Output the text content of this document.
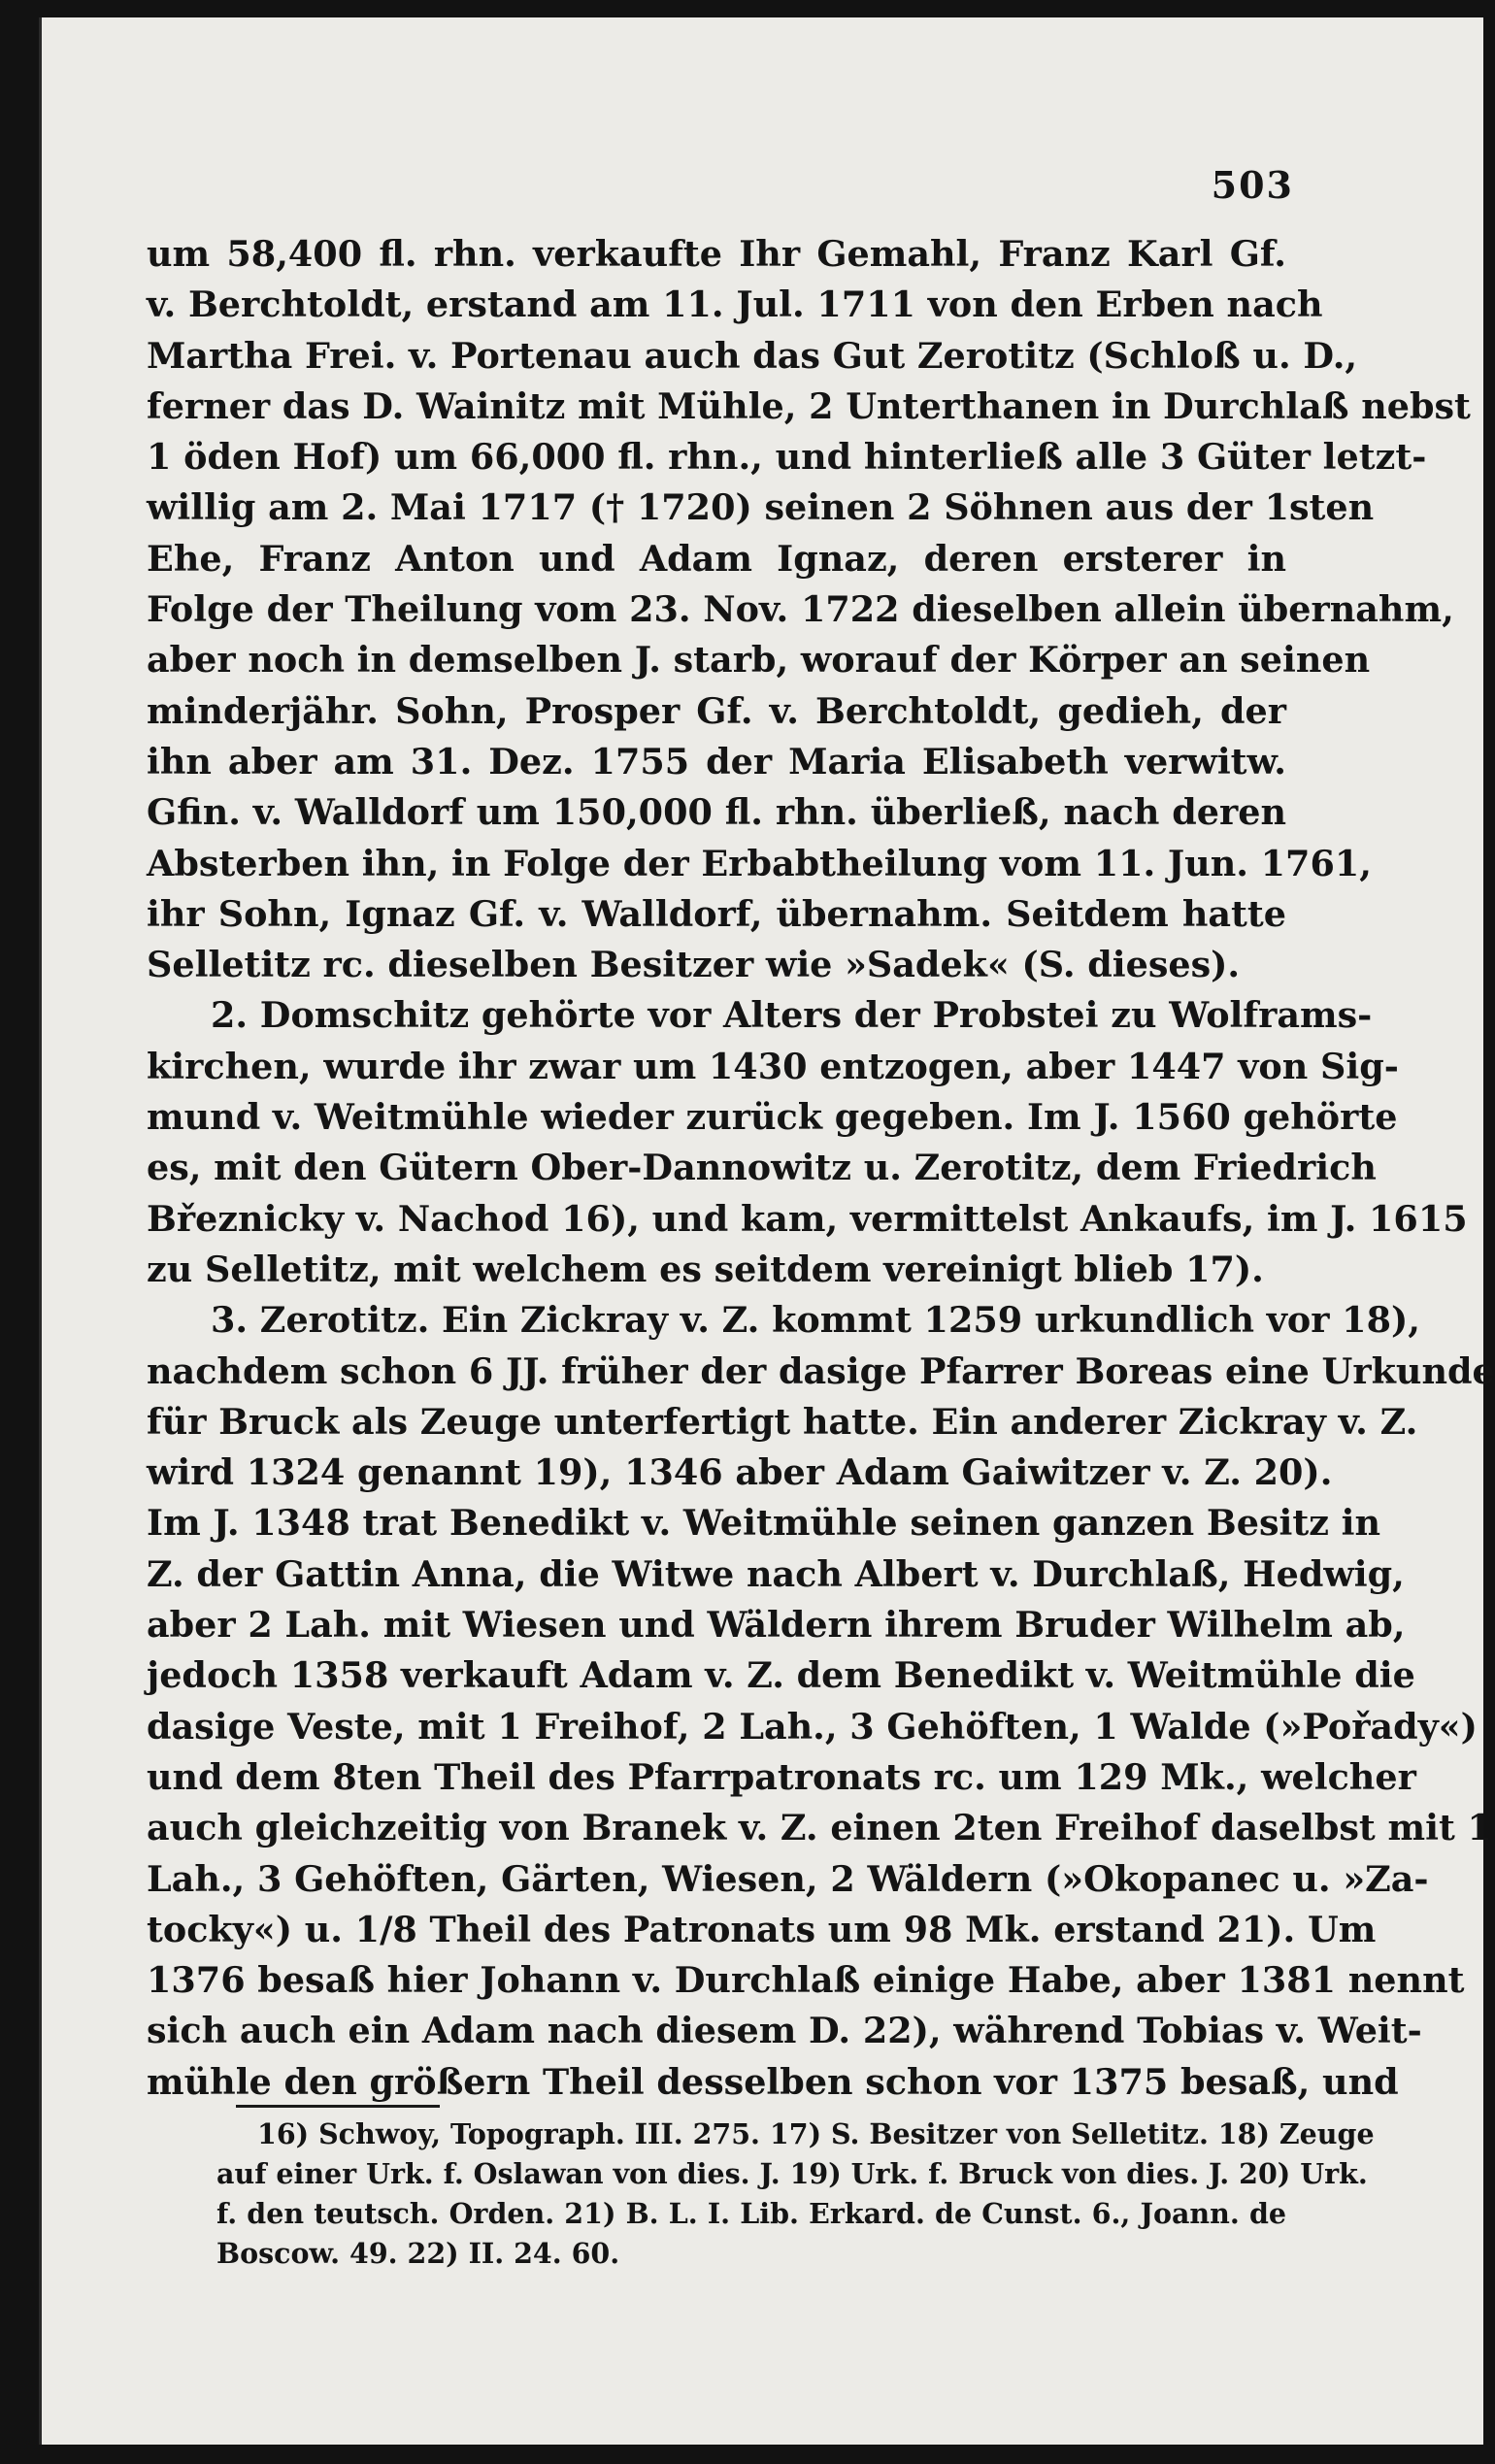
503
um 58,400 fl. rhn. verkaufte Ihr Gemahl, Franz Karl Gf.
v. Berchtoldt, erstand am 11. Jul. 1711 von den Erben nach
Martha Frei. v. Portenau auch das Gut Zerotitz (Schloß u. D.,
ferner das D. Wainitz mit Mühle, 2 Unterthanen in Durchlaß nebst
1 öden Hof) um 66,000 fl. rhn., und hinterließ alle 3 Güter letzt-
willig am 2. Mai 1717 († 1720) seinen 2 Söhnen aus der 1sten
Ehe, Franz Anton und Adam Ignaz, deren ersterer in
Folge der Theilung vom 23. Nov. 1722 dieselben allein übernahm,
aber noch in demselben J. starb, worauf der Körper an seinen
minderjähr. Sohn, Prosper Gf. v. Berchtoldt, gedieh, der
ihn aber am 31. Dez. 1755 der Maria Elisabeth verwitw.
Gfin. v. Walldorf um 150,000 fl. rhn. überließ, nach deren
Absterben ihn, in Folge der Erbabtheilung vom 11. Jun. 1761,
ihr Sohn, Ignaz Gf. v. Walldorf, übernahm. Seitdem hatte
Selletitz rc. dieselben Besitzer wie »Sadek« (S. dieses).
2. Domschitz gehörte vor Alters der Probstei zu Wolframs-
kirchen, wurde ihr zwar um 1430 entzogen, aber 1447 von Sig-
mund v. Weitmühle wieder zurück gegeben. Im J. 1560 gehörte
es, mit den Gütern Ober-Dannowitz u. Zerotitz, dem Friedrich
Březnicky v. Nachod 16), und kam, vermittelst Ankaufs, im J. 1615
zu Selletitz, mit welchem es seitdem vereinigt blieb 17).
3. Zerotitz. Ein Zickray v. Z. kommt 1259 urkundlich vor 18),
nachdem schon 6 JJ. früher der dasige Pfarrer Boreas eine Urkunde
für Bruck als Zeuge unterfertigt hatte. Ein anderer Zickray v. Z.
wird 1324 genannt 19), 1346 aber Adam Gaiwitzer v. Z. 20).
Im J. 1348 trat Benedikt v. Weitmühle seinen ganzen Besitz in
Z. der Gattin Anna, die Witwe nach Albert v. Durchlaß, Hedwig,
aber 2 Lah. mit Wiesen und Wäldern ihrem Bruder Wilhelm ab,
jedoch 1358 verkauft Adam v. Z. dem Benedikt v. Weitmühle die
dasige Veste, mit 1 Freihof, 2 Lah., 3 Gehöften, 1 Walde (»Pořady«)
und dem 8ten Theil des Pfarrpatronats rc. um 129 Mk., welcher
auch gleichzeitig von Branek v. Z. einen 2ten Freihof daselbst mit 1
Lah., 3 Gehöften, Gärten, Wiesen, 2 Wäldern (»Okopanec u. »Za-
tocky«) u. 1/8 Theil des Patronats um 98 Mk. erstand 21). Um
1376 besaß hier Johann v. Durchlaß einige Habe, aber 1381 nennt
sich auch ein Adam nach diesem D. 22), während Tobias v. Weit-
mühle den größern Theil desselben schon vor 1375 besaß, und
16) Schwoy, Topograph. III. 275. 17) S. Besitzer von Selletitz. 18) Zeuge
auf einer Urk. f. Oslawan von dies. J. 19) Urk. f. Bruck von dies. J. 20) Urk.
f. den teutsch. Orden. 21) B. L. I. Lib. Erkard. de Cunst. 6., Joann. de
Boscow. 49. 22) II. 24. 60.
